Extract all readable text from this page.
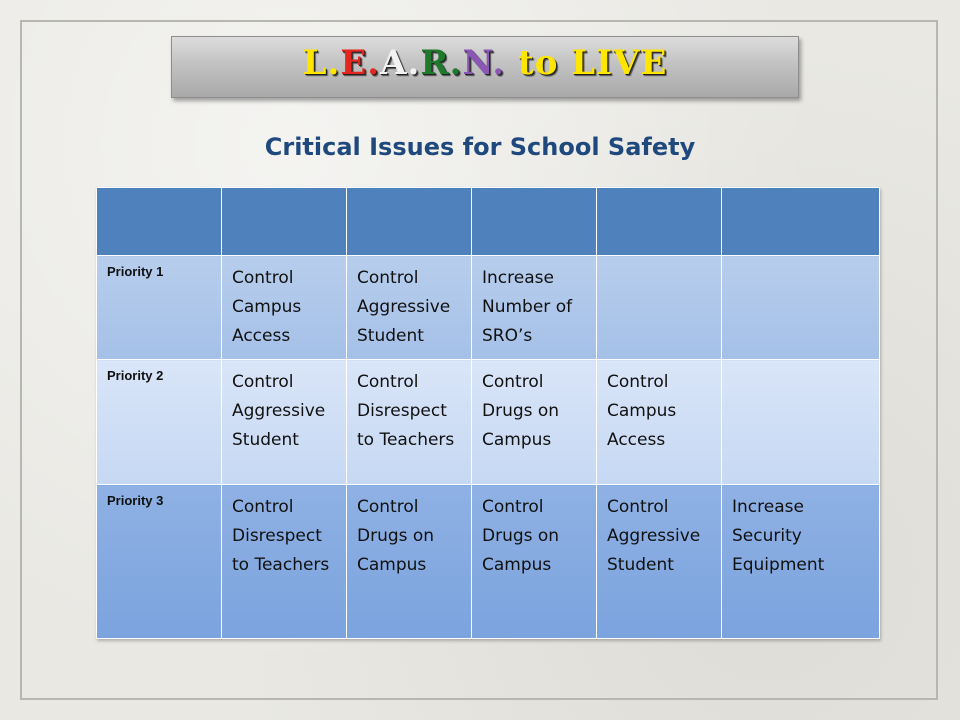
L.E.A.R.N. to LIVE
Critical Issues for School Safety

Priority 1	Control Campus Access	Control Aggressive Student	Increase Number of SRO’s		
Priority 2	Control Aggressive Student	Control Disrespect to Teachers	Control Drugs on Campus	Control Campus Access	
Priority 3	Control Disrespect to Teachers	Control Drugs on Campus	Control Drugs on Campus	Control Aggressive Student	Increase Security Equipment
